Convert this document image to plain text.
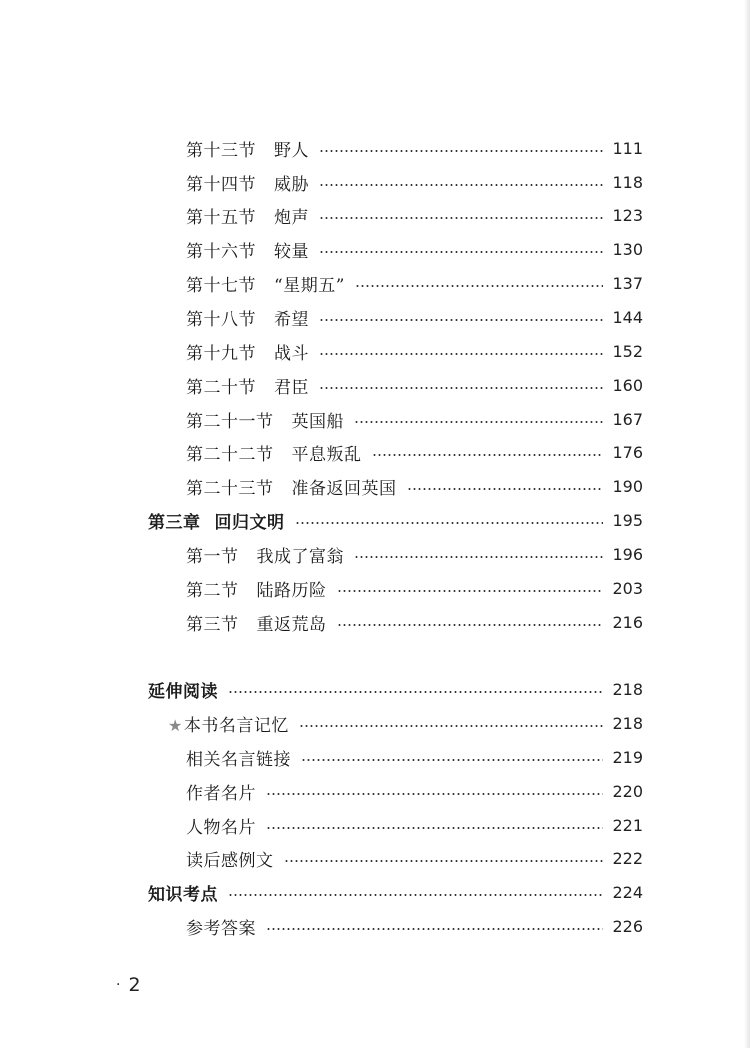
第十三节 野人	111
第十四节 威胁	118
第十五节 炮声	123
第十六节 较量	130
第十七节 “星期五”	137
第十八节 希望	144
第十九节 战斗	152
第二十节 君臣	160
第二十一节 英国船	167
第二十二节 平息叛乱	176
第二十三节 准备返回英国	190
第三章 回归文明	195
第一节 我成了富翁	196
第二节 陆路历险	203
第三节 重返荒岛	216
延伸阅读	218
★本书名言记忆	218
相关名言链接	219
作者名片	220
人物名片	221
读后感例文	222
知识考点	224
参考答案	226
· 2
